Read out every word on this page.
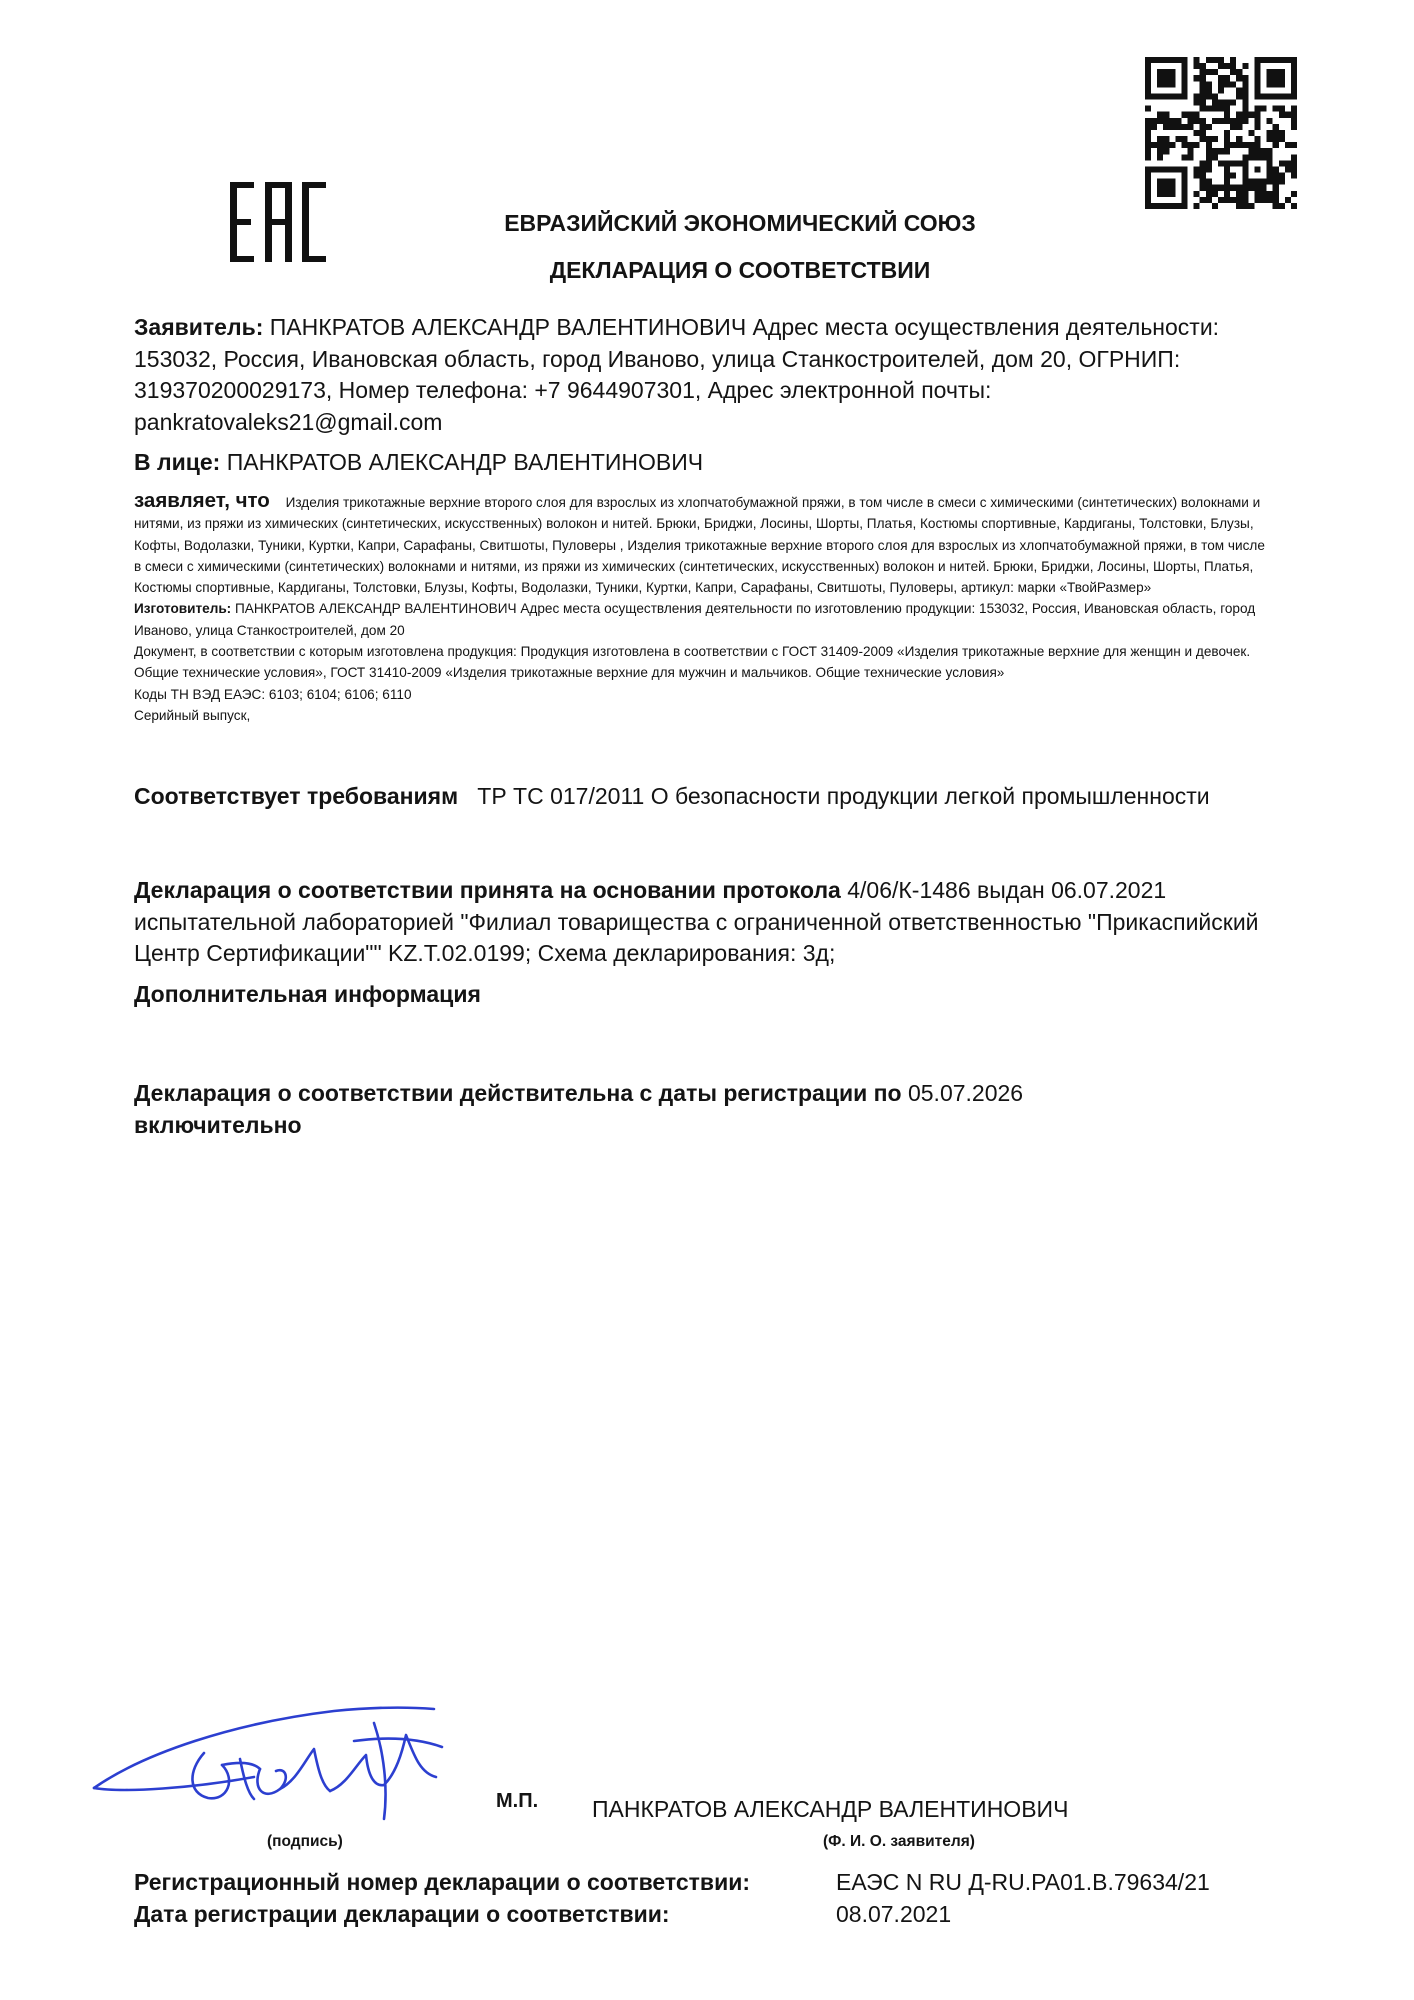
ЕВРАЗИЙСКИЙ ЭКОНОМИЧЕСКИЙ СОЮЗ
ДЕКЛАРАЦИЯ О СООТВЕТСТВИИ
Заявитель: ПАНКРАТОВ АЛЕКСАНДР ВАЛЕНТИНОВИЧ Адрес места осуществления деятельности: 153032, Россия, Ивановская область, город Иваново, улица Станкостроителей, дом 20, ОГРНИП: 319370200029173, Номер телефона: +7 9644907301, Адрес электронной почты: pankratovaleks21@gmail.com
В лице: ПАНКРАТОВ АЛЕКСАНДР ВАЛЕНТИНОВИЧ
заявляет, что Изделия трикотажные верхние второго слоя для взрослых из хлопчатобумажной пряжи, в том числе в смеси с химическими (синтетических) волокнами и нитями, из пряжи из химических (синтетических, искусственных) волокон и нитей. Брюки, Бриджи, Лосины, Шорты, Платья, Костюмы спортивные, Кардиганы, Толстовки, Блузы, Кофты, Водолазки, Туники, Куртки, Капри, Сарафаны, Свитшоты, Пуловеры , Изделия трикотажные верхние второго слоя для взрослых из хлопчатобумажной пряжи, в том числе в смеси с химическими (синтетических) волокнами и нитями, из пряжи из химических (синтетических, искусственных) волокон и нитей. Брюки, Бриджи, Лосины, Шорты, Платья, Костюмы спортивные, Кардиганы, Толстовки, Блузы, Кофты, Водолазки, Туники, Куртки, Капри, Сарафаны, Свитшоты, Пуловеры, артикул: марки «ТвойРазмер»
Изготовитель: ПАНКРАТОВ АЛЕКСАНДР ВАЛЕНТИНОВИЧ Адрес места осуществления деятельности по изготовлению продукции: 153032, Россия, Ивановская область, город Иваново, улица Станкостроителей, дом 20
Документ, в соответствии с которым изготовлена продукция: Продукция изготовлена в соответствии с ГОСТ 31409-2009 «Изделия трикотажные верхние для женщин и девочек. Общие технические условия», ГОСТ 31410-2009 «Изделия трикотажные верхние для мужчин и мальчиков. Общие технические условия»
Коды ТН ВЭД ЕАЭС: 6103; 6104; 6106; 6110
Серийный выпуск,
Соответствует требованиям ТР ТС 017/2011 О безопасности продукции легкой промышленности
Декларация о соответствии принята на основании протокола 4/06/К-1486 выдан 06.07.2021 испытательной лабораторией "Филиал товарищества с ограниченной ответственностью "Прикаспийский Центр Сертификации"" KZ.T.02.0199; Схема декларирования: 3д;
Дополнительная информация
Декларация о соответствии действительна с даты регистрации по 05.07.2026
включительно
М.П. ПАНКРАТОВ АЛЕКСАНДР ВАЛЕНТИНОВИЧ
(подпись)	(Ф. И. О. заявителя)
Регистрационный номер декларации о соответствии:	ЕАЭС N RU Д-RU.PA01.В.79634/21
Дата регистрации декларации о соответствии:	08.07.2021
